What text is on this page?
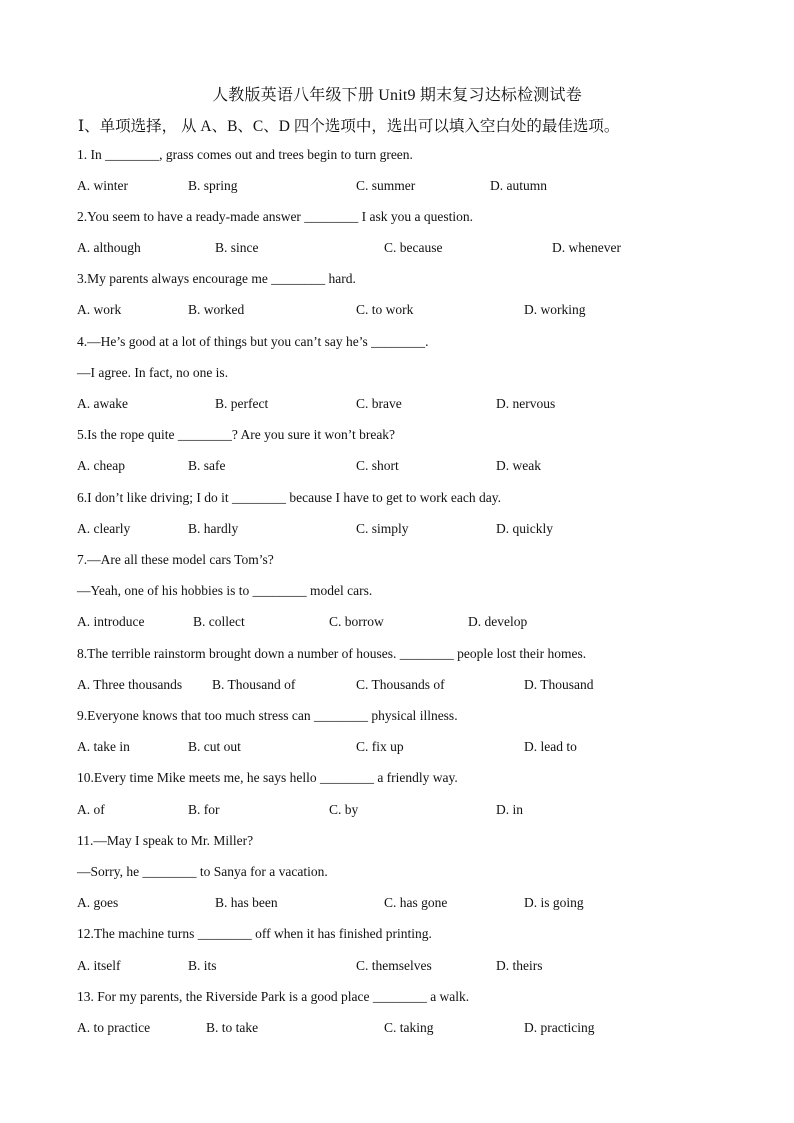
人教版英语八年级下册 Unit9 期末复习达标检测试卷
Ⅰ、单项选择， 从 A、B、C、D 四个选项中，选出可以填入空白处的最佳选项。
1. In ________, grass comes out and trees begin to turn green.
A. winter	B. spring	C. summer	D. autumn
2.You seem to have a ready-made answer ________ I ask you a question.
A. although	B. since	C. because	D. whenever
3.My parents always encourage me ________ hard.
A. work	B. worked	C. to work	D. working
4.—He’s good at a lot of things but you can’t say he’s ________.
—I agree. In fact, no one is.
A. awake	B. perfect	C. brave	D. nervous
5.Is the rope quite ________? Are you sure it won’t break?
A. cheap	B. safe	C. short	D. weak
6.I don’t like driving; I do it ________ because I have to get to work each day.
A. clearly	B. hardly	C. simply	D. quickly
7.—Are all these model cars Tom’s?
—Yeah, one of his hobbies is to ________ model cars.
A. introduce	B. collect	C. borrow	D. develop
8.The terrible rainstorm brought down a number of houses. ________ people lost their homes.
A. Three thousands B. Thousand of	C. Thousands of	D. Thousand
9.Everyone knows that too much stress can ________ physical illness.
A. take in	B. cut out	C. fix up	D. lead to
10.Every time Mike meets me, he says hello ________ a friendly way.
A. of	B. for	C. by	D. in
11.—May I speak to Mr. Miller?
—Sorry, he ________ to Sanya for a vacation.
A. goes	B. has been	C. has gone	D. is going
12.The machine turns ________ off when it has finished printing.
A. itself	B. its	C. themselves	D. theirs
13. For my parents, the Riverside Park is a good place ________ a walk.
A. to practice	B. to take	C. taking	D. practicing
